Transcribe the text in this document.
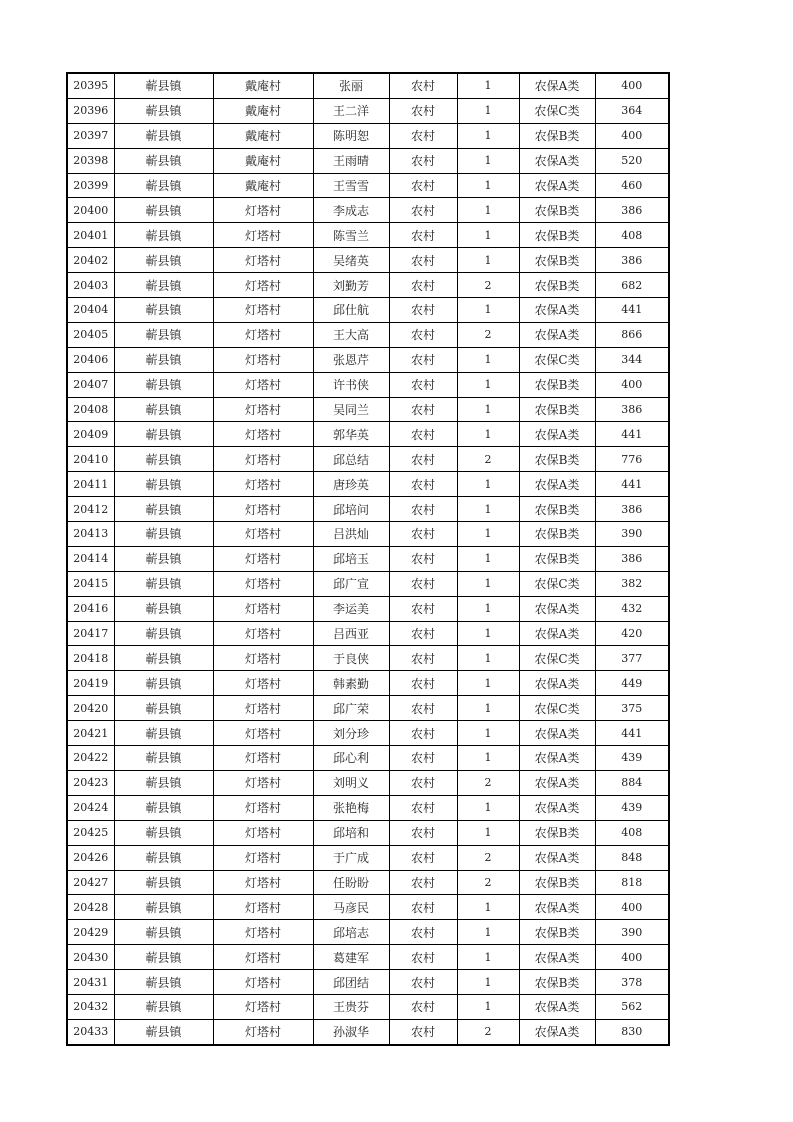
20395	蕲县镇	戴庵村	张丽	农村	1	农保A类	400
20396	蕲县镇	戴庵村	王二洋	农村	1	农保C类	364
20397	蕲县镇	戴庵村	陈明恕	农村	1	农保B类	400
20398	蕲县镇	戴庵村	王雨晴	农村	1	农保A类	520
20399	蕲县镇	戴庵村	王雪雪	农村	1	农保A类	460
20400	蕲县镇	灯塔村	李成志	农村	1	农保B类	386
20401	蕲县镇	灯塔村	陈雪兰	农村	1	农保B类	408
20402	蕲县镇	灯塔村	吴绪英	农村	1	农保B类	386
20403	蕲县镇	灯塔村	刘勤芳	农村	2	农保B类	682
20404	蕲县镇	灯塔村	邱仕航	农村	1	农保A类	441
20405	蕲县镇	灯塔村	王大高	农村	2	农保A类	866
20406	蕲县镇	灯塔村	张恩芹	农村	1	农保C类	344
20407	蕲县镇	灯塔村	许书侠	农村	1	农保B类	400
20408	蕲县镇	灯塔村	吴同兰	农村	1	农保B类	386
20409	蕲县镇	灯塔村	郭华英	农村	1	农保A类	441
20410	蕲县镇	灯塔村	邱总结	农村	2	农保B类	776
20411	蕲县镇	灯塔村	唐珍英	农村	1	农保A类	441
20412	蕲县镇	灯塔村	邱培问	农村	1	农保B类	386
20413	蕲县镇	灯塔村	吕洪灿	农村	1	农保B类	390
20414	蕲县镇	灯塔村	邱培玉	农村	1	农保B类	386
20415	蕲县镇	灯塔村	邱广宣	农村	1	农保C类	382
20416	蕲县镇	灯塔村	李运美	农村	1	农保A类	432
20417	蕲县镇	灯塔村	吕西亚	农村	1	农保A类	420
20418	蕲县镇	灯塔村	于良侠	农村	1	农保C类	377
20419	蕲县镇	灯塔村	韩素勤	农村	1	农保A类	449
20420	蕲县镇	灯塔村	邱广荣	农村	1	农保C类	375
20421	蕲县镇	灯塔村	刘分珍	农村	1	农保A类	441
20422	蕲县镇	灯塔村	邱心利	农村	1	农保A类	439
20423	蕲县镇	灯塔村	刘明义	农村	2	农保A类	884
20424	蕲县镇	灯塔村	张艳梅	农村	1	农保A类	439
20425	蕲县镇	灯塔村	邱培和	农村	1	农保B类	408
20426	蕲县镇	灯塔村	于广成	农村	2	农保A类	848
20427	蕲县镇	灯塔村	任盼盼	农村	2	农保B类	818
20428	蕲县镇	灯塔村	马彦民	农村	1	农保A类	400
20429	蕲县镇	灯塔村	邱培志	农村	1	农保B类	390
20430	蕲县镇	灯塔村	葛建军	农村	1	农保A类	400
20431	蕲县镇	灯塔村	邱团结	农村	1	农保B类	378
20432	蕲县镇	灯塔村	王贵芬	农村	1	农保A类	562
20433	蕲县镇	灯塔村	孙淑华	农村	2	农保A类	830
